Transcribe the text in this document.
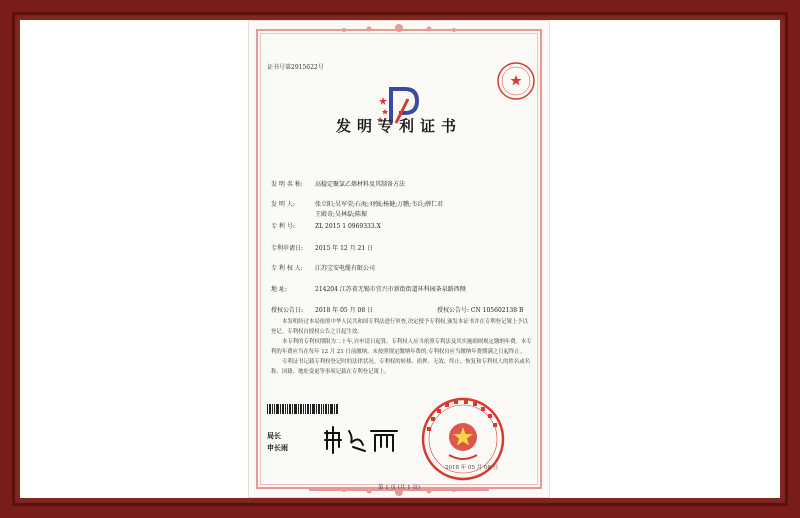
证书号第2915622号
发明专利证书
发 明 名 称: 高稳定聚氯乙烯材料及其制备方法
发 明 人:	张立阳;吴军荣;石海;刘强;杨健;万鹏;韦兵;薛仁君
王殿奇;吴林磊;陈振
专 利 号:	ZL 2015 1 0969333.X
专利申请日: 2015 年 12 月 21 日
专 利 权 人: 江苏宝安电缆有限公司
地 址:	214204 江苏省无锡市宜兴市新街街道环科园茶泉路西侧
授权公告日: 2018 年 05 月 08 日	授权公告号: CN 105602138 B

本发明经过本局依照中华人民共和国专利法进行审查,决定授予专利权,颁发本证书并在专利登记簿上予以登记。专利权自授权公告之日起生效。

本专利的专利权期限为二十年,自申请日起算。专利权人应当依照专利法及其实施细则规定缴纳年费。本专利的年费应当在每年 12 月 21 日前缴纳。未按照规定缴纳年费的,专利权自应当缴纳年费期满之日起终止。

专利证书记载专利权登记时的法律状况。专利权的转移、质押、无效、终止、恢复和专利权人的姓名或名称、国籍、地址变更等事项记载在专利登记簿上。

局长
申长雨
2018 年 05 月 08 日
第 1 页 (共 1 页)
